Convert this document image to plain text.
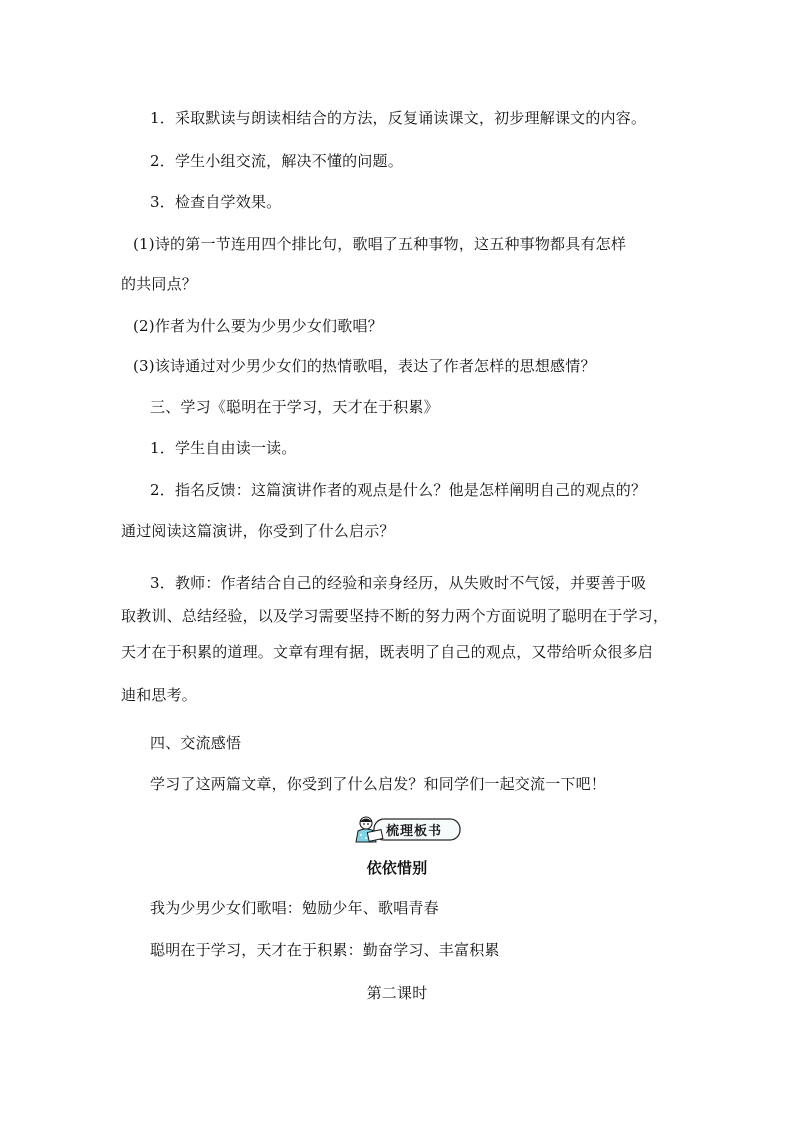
1．采取默读与朗读相结合的方法，反复诵读课文，初步理解课文的内容。
2．学生小组交流，解决不懂的问题。
3．检查自学效果。
(1)诗的第一节连用四个排比句，歌唱了五种事物，这五种事物都具有怎样
的共同点？
(2)作者为什么要为少男少女们歌唱？
(3)该诗通过对少男少女们的热情歌唱，表达了作者怎样的思想感情？
三、学习《聪明在于学习，天才在于积累》
1．学生自由读一读。
2．指名反馈：这篇演讲作者的观点是什么？他是怎样阐明自己的观点的？
通过阅读这篇演讲，你受到了什么启示？
3．教师：作者结合自己的经验和亲身经历，从失败时不气馁，并要善于吸
取教训、总结经验，以及学习需要坚持不断的努力两个方面说明了聪明在于学习，
天才在于积累的道理。文章有理有据，既表明了自己的观点，又带给听众很多启
迪和思考。
四、交流感悟
学习了这两篇文章，你受到了什么启发？和同学们一起交流一下吧！
梳理板书
依依惜别
我为少男少女们歌唱：勉励少年、歌唱青春
聪明在于学习，天才在于积累：勤奋学习、丰富积累
第二课时
